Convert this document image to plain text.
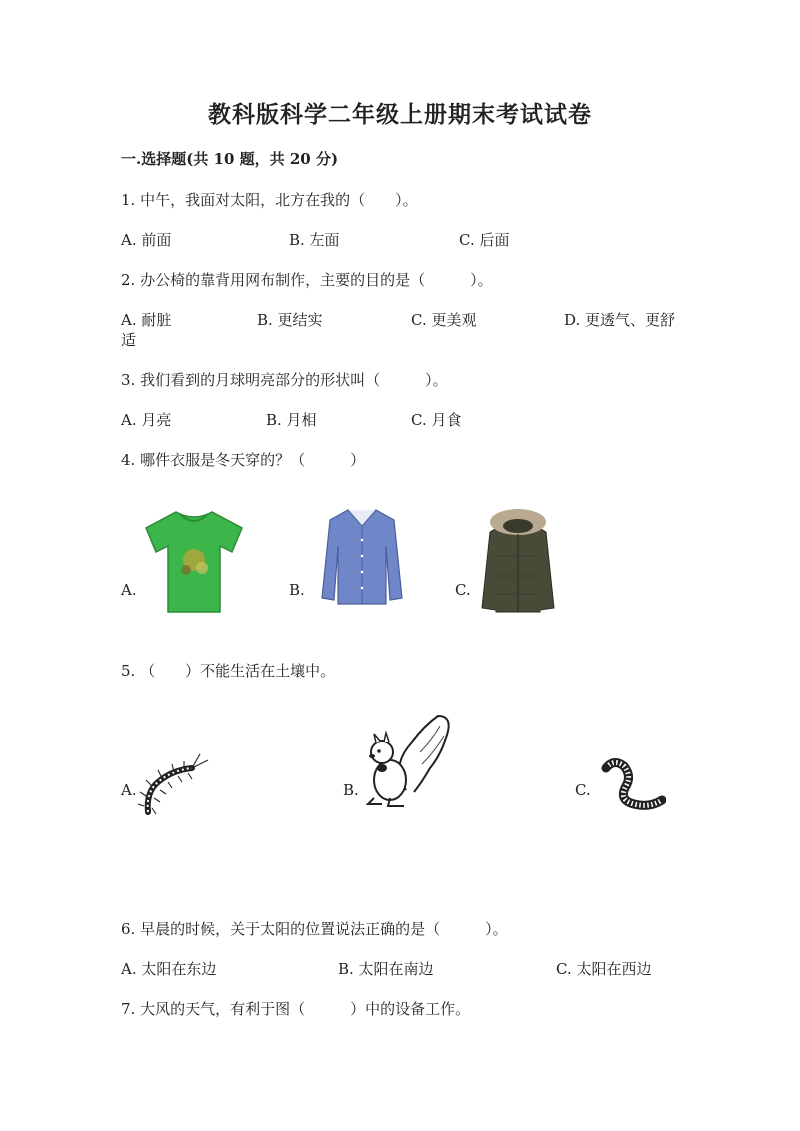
教科版科学二年级上册期末考试试卷
一.选择题(共 10 题，共 20 分)
1. 中午，我面对太阳，北方在我的（　　）。
A. 前面	B. 左面	C. 后面
2. 办公椅的靠背用网布制作，主要的目的是（　　　）。
A. 耐脏	B. 更结实	C. 更美观	D. 更透气、更舒
适
3. 我们看到的月球明亮部分的形状叫（　　　）。
A. 月亮	B. 月相	C. 月食
4. 哪件衣服是冬天穿的？（　　　）
A.	B.	C.
5. （　　）不能生活在土壤中。
A.	B.	C.
6. 早晨的时候，关于太阳的位置说法正确的是（　　　）。
A. 太阳在东边	B. 太阳在南边	C. 太阳在西边
7. 大风的天气，有利于图（　　　）中的设备工作。
